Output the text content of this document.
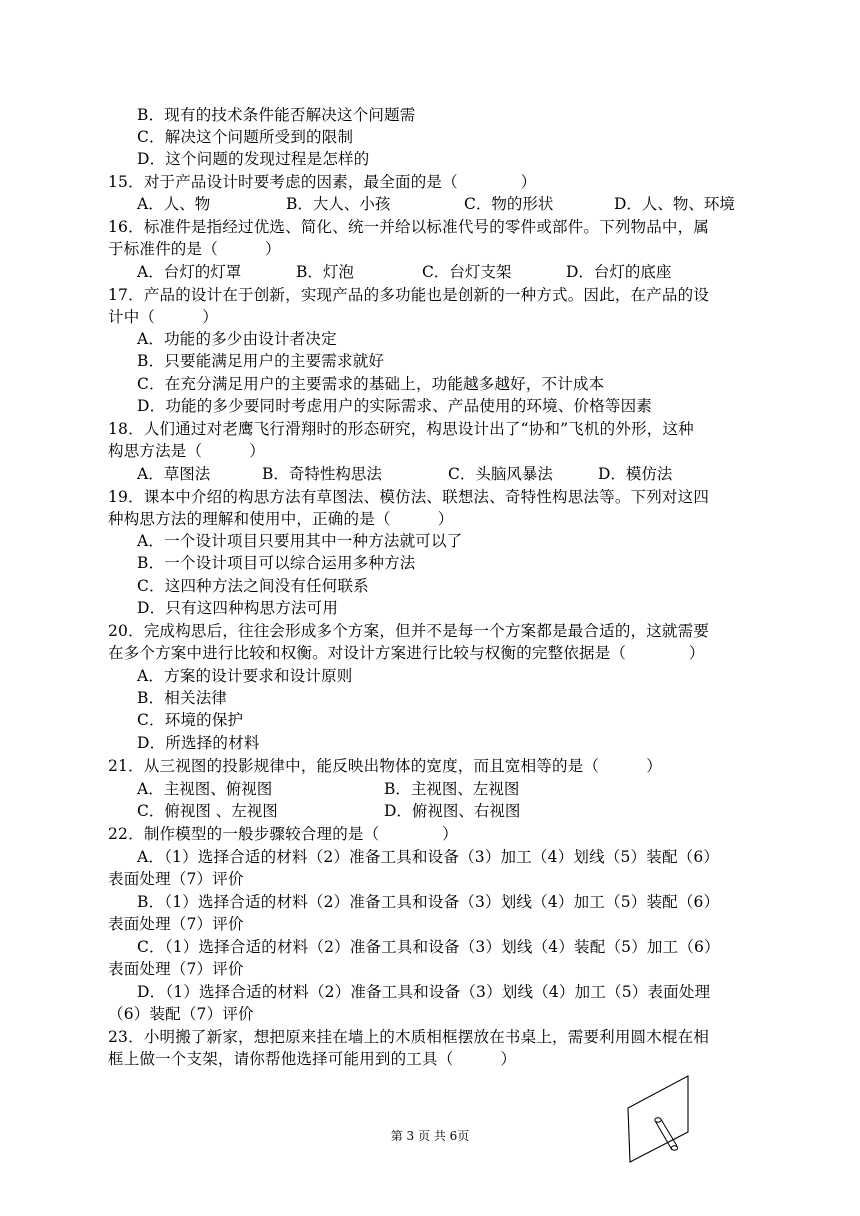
B．现有的技术条件能否解决这个问题需
C．解决这个问题所受到的限制
D．这个问题的发现过程是怎样的
15．对于产品设计时要考虑的因素，最全面的是（　　　　）
A．人、物	B．大人、小孩	C．物的形状	D．人、物、环境
16．标准件是指经过优选、简化、统一并给以标准代号的零件或部件。下列物品中，属
于标准件的是（　　　）
A．台灯的灯罩	B．灯泡	C．台灯支架	D．台灯的底座
17．产品的设计在于创新，实现产品的多功能也是创新的一种方式。因此，在产品的设
计中（　　　）
A．功能的多少由设计者决定
B．只要能满足用户的主要需求就好
C．在充分满足用户的主要需求的基础上，功能越多越好，不计成本
D．功能的多少要同时考虑用户的实际需求、产品使用的环境、价格等因素
18．人们通过对老鹰飞行滑翔时的形态研究，构思设计出了“协和”飞机的外形，这种
构思方法是（　　　）
A．草图法	B．奇特性构思法	C．头脑风暴法	D．模仿法
19．课本中介绍的构思方法有草图法、模仿法、联想法、奇特性构思法等。下列对这四
种构思方法的理解和使用中，正确的是（　　　）
A．一个设计项目只要用其中一种方法就可以了
B．一个设计项目可以综合运用多种方法
C．这四种方法之间没有任何联系
D．只有这四种构思方法可用
20．完成构思后，往往会形成多个方案，但并不是每一个方案都是最合适的，这就需要
在多个方案中进行比较和权衡。对设计方案进行比较与权衡的完整依据是（　　　　）
A．方案的设计要求和设计原则
B．相关法律
C．环境的保护
D．所选择的材料
21．从三视图的投影规律中，能反映出物体的宽度，而且宽相等的是（　　　）
A．主视图、俯视图	B．主视图、左视图
C．俯视图 、左视图	D．俯视图、右视图
22．制作模型的一般步骤较合理的是（　　　　）
A．（1）选择合适的材料（2）准备工具和设备（3）加工（4）划线（5）装配（6）
表面处理（7）评价
B．（1）选择合适的材料（2）准备工具和设备（3）划线（4）加工（5）装配（6）
表面处理（7）评价
C．（1）选择合适的材料（2）准备工具和设备（3）划线（4）装配（5）加工（6）
表面处理（7）评价
D．（1）选择合适的材料（2）准备工具和设备（3）划线（4）加工（5）表面处理
（6）装配（7）评价
23．小明搬了新家，想把原来挂在墙上的木质相框摆放在书桌上，需要利用圆木棍在相
框上做一个支架，请你帮他选择可能用到的工具（　　　）
第 3 页 共 6页
